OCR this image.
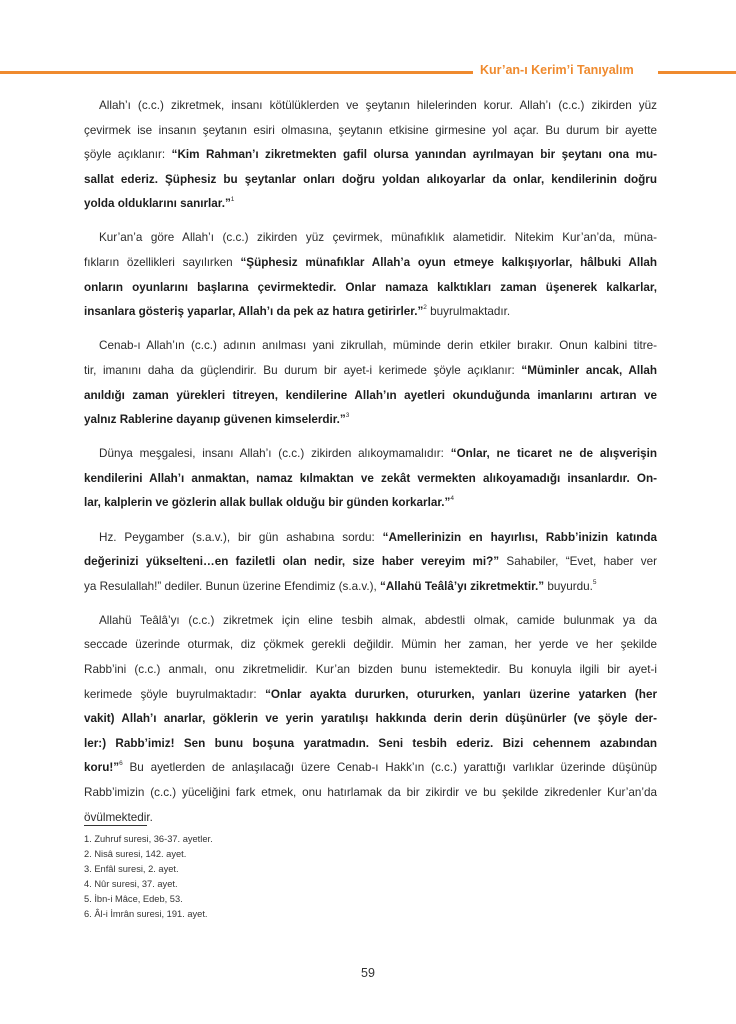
Kur’an-ı Kerim’i Tanıyalım
Allah’ı (c.c.) zikretmek, insanı kötülüklerden ve şeytanın hilelerinden korur. Allah’ı (c.c.) zikirden yüz
çevirmek ise insanın şeytanın esiri olmasına, şeytanın etkisine girmesine yol açar. Bu durum bir ayette
şöyle açıklanır: “Kim Rahman’ı zikretmekten gafil olursa yanından ayrılmayan bir şeytanı ona mu-
sallat ederiz. Şüphesiz bu şeytanlar onları doğru yoldan alıkoyarlar da onlar, kendilerinin doğru
yolda olduklarını sanırlar.”$^1$
Kur’an’a göre Allah’ı (c.c.) zikirden yüz çevirmek, münafıklık alametidir. Nitekim Kur’an’da, müna-
fıkların özellikleri sayılırken “Şüphesiz münafıklar Allah’a oyun etmeye kalkışıyorlar, hâlbuki Allah
onların oyunlarını başlarına çevirmektedir. Onlar namaza kalktıkları zaman üşenerek kalkarlar,
insanlara gösteriş yaparlar, Allah’ı da pek az hatıra getirirler.”$^2$ buyrulmaktadır.
Cenab-ı Allah’ın (c.c.) adının anılması yani zikrullah, müminde derin etkiler bırakır. Onun kalbini titre-
tir, imanını daha da güçlendirir. Bu durum bir ayet-i kerimede şöyle açıklanır: “Müminler ancak, Allah
anıldığı zaman yürekleri titreyen, kendilerine Allah’ın ayetleri okunduğunda imanlarını artıran ve
yalnız Rablerine dayanıp güvenen kimselerdir.”$^3$
Dünya meşgalesi, insanı Allah’ı (c.c.) zikirden alıkoymamalıdır: “Onlar, ne ticaret ne de alışverişin
kendilerini Allah’ı anmaktan, namaz kılmaktan ve zekât vermekten alıkoyamadığı insanlardır. On-
lar, kalplerin ve gözlerin allak bullak olduğu bir günden korkarlar.”$^4$
Hz. Peygamber (s.a.v.), bir gün ashabına sordu: “Amellerinizin en hayırlısı, Rabb’inizin katında
değerinizi yükselteni…en faziletli olan nedir, size haber vereyim mi?” Sahabiler, “Evet, haber ver
ya Resulallah!” dediler. Bunun üzerine Efendimiz (s.a.v.), “Allahü Teâlâ’yı zikretmektir.” buyurdu.$^5$
Allahü Teâlâ’yı (c.c.) zikretmek için eline tesbih almak, abdestli olmak, camide bulunmak ya da
seccade üzerinde oturmak, diz çökmek gerekli değildir. Mümin her zaman, her yerde ve her şekilde
Rabb’ini (c.c.) anmalı, onu zikretmelidir. Kur’an bizden bunu istemektedir. Bu konuyla ilgili bir ayet-i
kerimede şöyle buyrulmaktadır: “Onlar ayakta dururken, otururken, yanları üzerine yatarken (her
vakit) Allah’ı anarlar, göklerin ve yerin yaratılışı hakkında derin derin düşünürler (ve şöyle der-
ler:) Rabb’imiz! Sen bunu boşuna yaratmadın. Seni tesbih ederiz. Bizi cehennem azabından
koru!”$^6$ Bu ayetlerden de anlaşılacağı üzere Cenab-ı Hakk’ın (c.c.) yarattığı varlıklar üzerinde düşünüp
Rabb’imizin (c.c.) yüceliğini fark etmek, onu hatırlamak da bir zikirdir ve bu şekilde zikredenler Kur’an’da
övülmektedir.
1. Zuhruf suresi, 36-37. ayetler.
2. Nisâ suresi, 142. ayet.
3. Enfâl suresi, 2. ayet.
4. Nûr suresi, 37. ayet.
5. İbn-i Mâce, Edeb, 53.
6. Âl-i İmrân suresi, 191. ayet.
59
